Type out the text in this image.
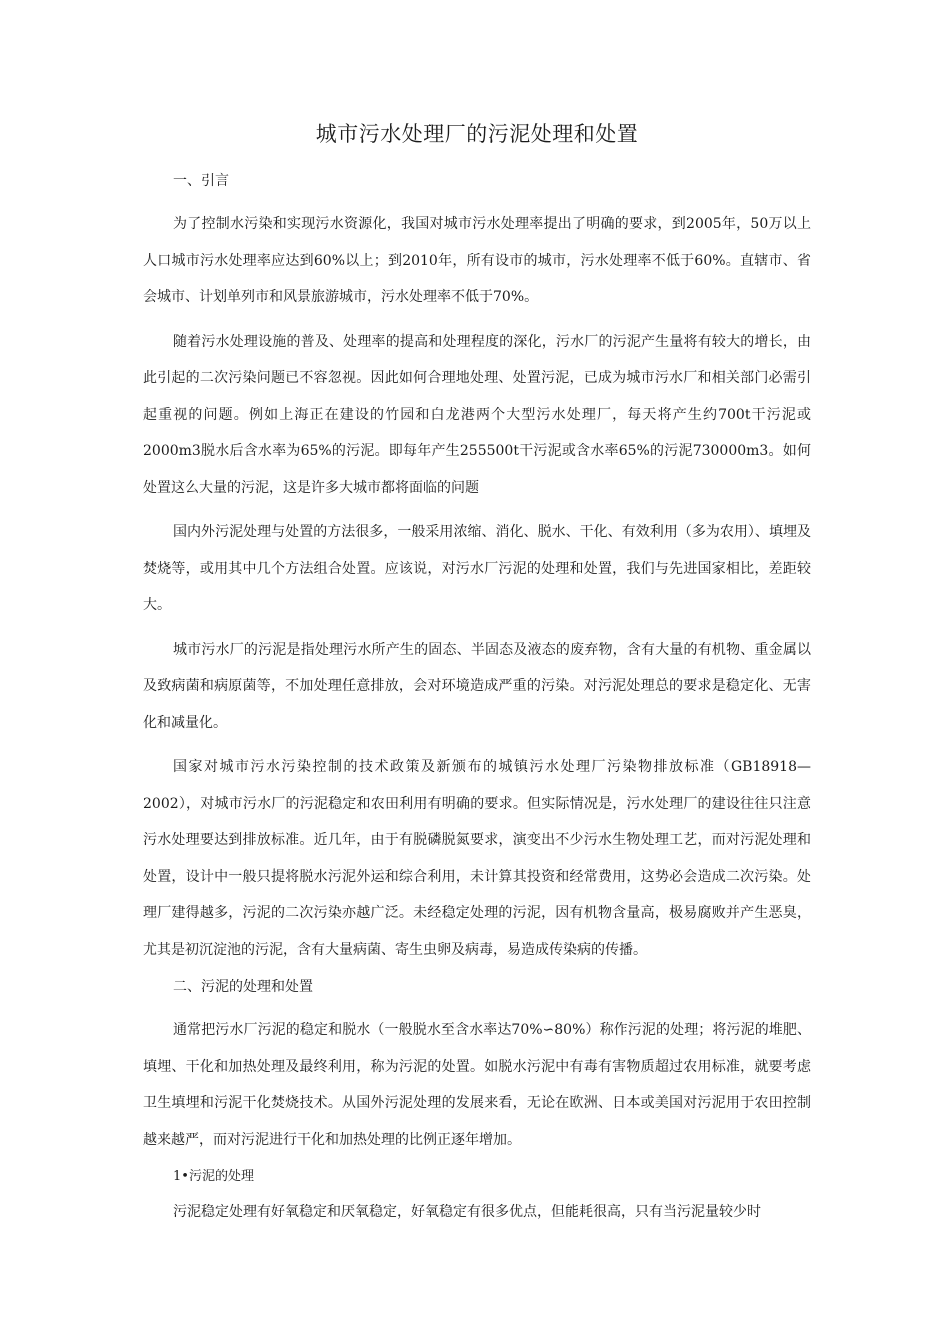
城市污水处理厂的污泥处理和处置
一、引言

为了控制水污染和实现污水资源化，我国对城市污水处理率提出了明确的要求，到2005年，50万以上人口城市污水处理率应达到60%以上；到2010年，所有设市的城市，污水处理率不低于60%。直辖市、省会城市、计划单列市和风景旅游城市，污水处理率不低于70%。

随着污水处理设施的普及、处理率的提高和处理程度的深化，污水厂的污泥产生量将有较大的增长，由此引起的二次污染问题已不容忽视。因此如何合理地处理、处置污泥，已成为城市污水厂和相关部门必需引起重视的问题。例如上海正在建设的竹园和白龙港两个大型污水处理厂，每天将产生约700t干污泥或2000m3脱水后含水率为65%的污泥。即每年产生255500t干污泥或含水率65%的污泥730000m3。如何处置这么大量的污泥，这是许多大城市都将面临的问题

国内外污泥处理与处置的方法很多，一般采用浓缩、消化、脱水、干化、有效利用（多为农用）、填埋及焚烧等，或用其中几个方法组合处置。应该说，对污水厂污泥的处理和处置，我们与先进国家相比，差距较大。

城市污水厂的污泥是指处理污水所产生的固态、半固态及液态的废弃物，含有大量的有机物、重金属以及致病菌和病原菌等，不加处理任意排放，会对环境造成严重的污染。对污泥处理总的要求是稳定化、无害化和减量化。

国家对城市污水污染控制的技术政策及新颁布的城镇污水处理厂污染物排放标准（GB18918—2002），对城市污水厂的污泥稳定和农田利用有明确的要求。但实际情况是，污水处理厂的建设往往只注意污水处理要达到排放标准。近几年，由于有脱磷脱氮要求，演变出不少污水生物处理工艺，而对污泥处理和处置，设计中一般只提将脱水污泥外运和综合利用，未计算其投资和经常费用，这势必会造成二次污染。处理厂建得越多，污泥的二次污染亦越广泛。未经稳定处理的污泥，因有机物含量高，极易腐败并产生恶臭，尤其是初沉淀池的污泥，含有大量病菌、寄生虫卵及病毒，易造成传染病的传播。

二、污泥的处理和处置

通常把污水厂污泥的稳定和脱水（一般脱水至含水率达70%∽80%）称作污泥的处理；将污泥的堆肥、填埋、干化和加热处理及最终利用，称为污泥的处置。如脱水污泥中有毒有害物质超过农用标准，就要考虑卫生填埋和污泥干化焚烧技术。从国外污泥处理的发展来看，无论在欧洲、日本或美国对污泥用于农田控制越来越严，而对污泥进行干化和加热处理的比例正逐年增加。

1•污泥的处理

污泥稳定处理有好氧稳定和厌氧稳定，好氧稳定有很多优点，但能耗很高，只有当污泥量较少时
